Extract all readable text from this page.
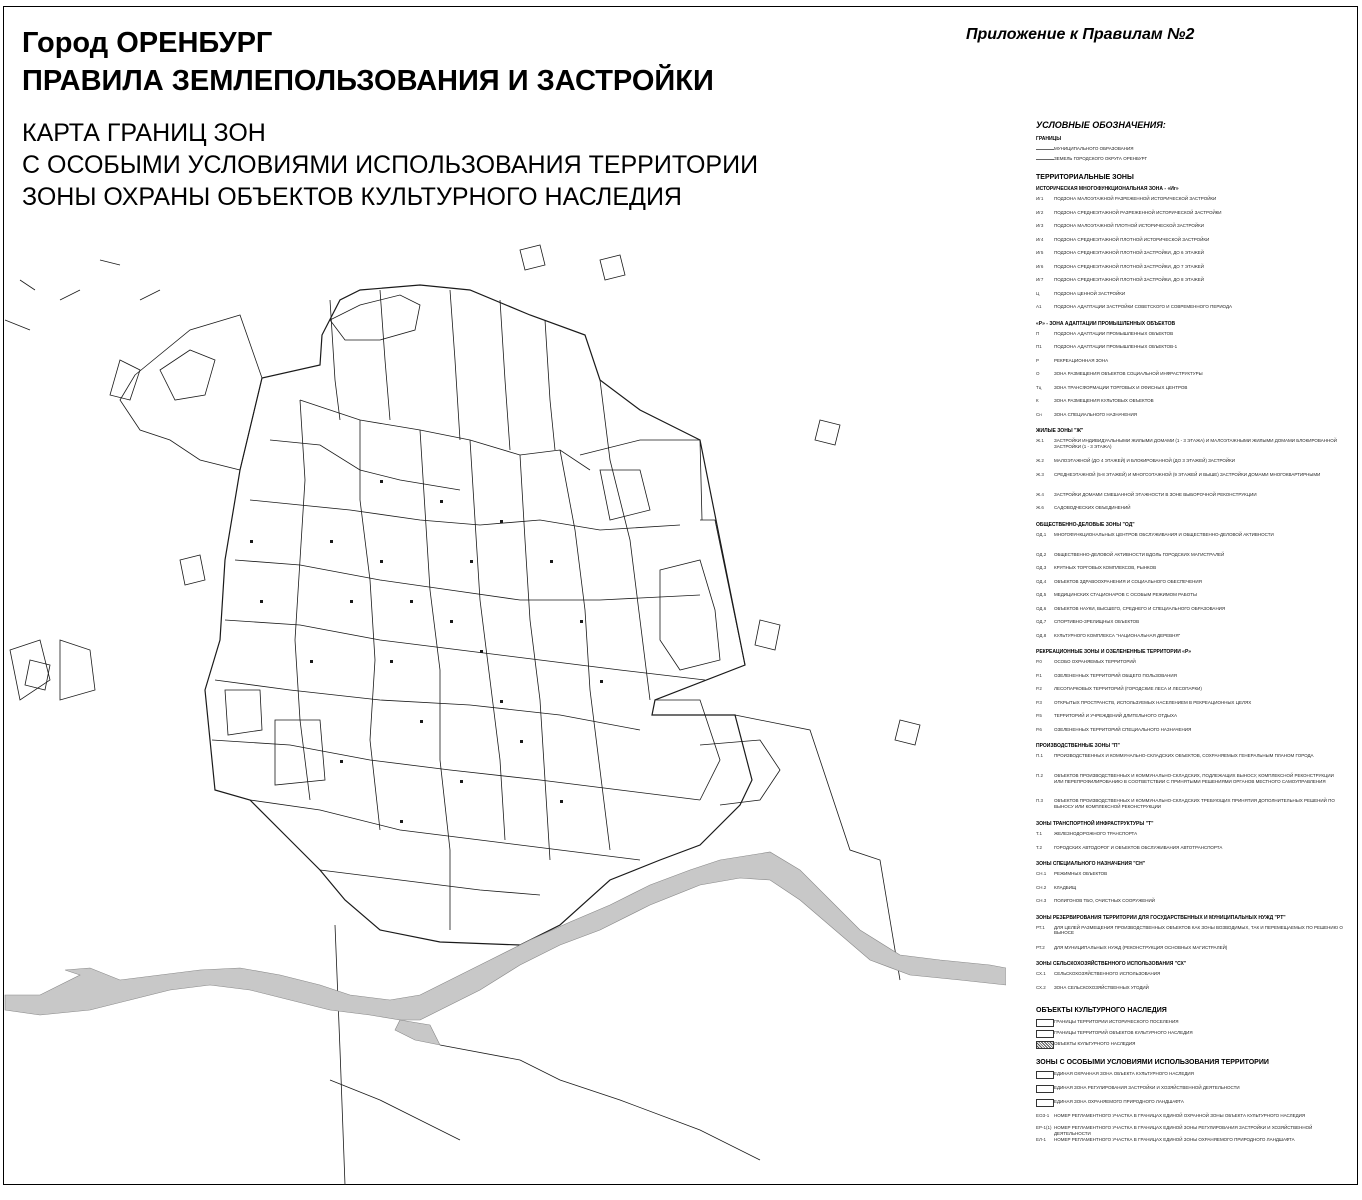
Город ОРЕНБУРГ
ПРАВИЛА ЗЕМЛЕПОЛЬЗОВАНИЯ И ЗАСТРОЙКИ
КАРТА ГРАНИЦ ЗОН
С ОСОБЫМИ УСЛОВИЯМИ ИСПОЛЬЗОВАНИЯ ТЕРРИТОРИИ
ЗОНЫ ОХРАНЫ ОБЪЕКТОВ КУЛЬТУРНОГО НАСЛЕДИЯ
Приложение к Правилам №2
УСЛОВНЫЕ ОБОЗНАЧЕНИЯ:
ГРАНИЦЫ
МУНИЦИПАЛЬНОГО ОБРАЗОВАНИЯ
ЗЕМЕЛЬ ГОРОДСКОГО ОКРУГА ОРЕНБУРГ
ТЕРРИТОРИАЛЬНЫЕ ЗОНЫ
ИСТОРИЧЕСКАЯ МНОГОФУНКЦИОНАЛЬНАЯ ЗОНА - «Иг»
Иг1	ПОДЗОНА МАЛОЭТАЖНОЙ РАЗРЕЖЕННОЙ ИСТОРИЧЕСКОЙ ЗАСТРОЙКИ
Иг2	ПОДЗОНА СРЕДНЕЭТАЖНОЙ РАЗРЕЖЕННОЙ ИСТОРИЧЕСКОЙ ЗАСТРОЙКИ
Иг3	ПОДЗОНА МАЛОЭТАЖНОЙ ПЛОТНОЙ ИСТОРИЧЕСКОЙ ЗАСТРОЙКИ
Иг4	ПОДЗОНА СРЕДНЕЭТАЖНОЙ ПЛОТНОЙ ИСТОРИЧЕСКОЙ ЗАСТРОЙКИ
Иг5	ПОДЗОНА СРЕДНЕЭТАЖНОЙ ПЛОТНОЙ ЗАСТРОЙКИ, ДО 6 ЭТАЖЕЙ
Иг6	ПОДЗОНА СРЕДНЕЭТАЖНОЙ ПЛОТНОЙ ЗАСТРОЙКИ, ДО 7 ЭТАЖЕЙ
Иг7	ПОДЗОНА СРЕДНЕЭТАЖНОЙ ПЛОТНОЙ ЗАСТРОЙКИ, ДО 8 ЭТАЖЕЙ
Ц	ПОДЗОНА ЦЕННОЙ ЗАСТРОЙКИ
А1	ПОДЗОНА АДАПТАЦИИ ЗАСТРОЙКИ СОВЕТСКОГО И СОВРЕМЕННОГО ПЕРИОДА
«Р» - ЗОНА АДАПТАЦИИ ПРОМЫШЛЕННЫХ ОБЪЕКТОВ
П	ПОДЗОНА АДАПТАЦИИ ПРОМЫШЛЕННЫХ ОБЪЕКТОВ
П1	ПОДЗОНА АДАПТАЦИИ ПРОМЫШЛЕННЫХ ОБЪЕКТОВ-1
Р	РЕКРЕАЦИОННАЯ ЗОНА
О	ЗОНА РАЗМЕЩЕНИЯ ОБЪЕКТОВ СОЦИАЛЬНОЙ ИНФРАСТРУКТУРЫ
Тц	ЗОНА ТРАНСФОРМАЦИИ ТОРГОВЫХ И ОФИСНЫХ ЦЕНТРОВ
К	ЗОНА РАЗМЕЩЕНИЯ КУЛЬТОВЫХ ОБЪЕКТОВ
Сн	ЗОНА СПЕЦИАЛЬНОГО НАЗНАЧЕНИЯ
ЖИЛЫЕ ЗОНЫ "Ж"
Ж.1	ЗАСТРОЙКИ ИНДИВИДУАЛЬНЫМИ ЖИЛЫМИ ДОМАМИ (1 - 3 ЭТАЖА) И МАЛОЭТАЖНЫМИ ЖИЛЫМИ ДОМАМИ БЛОКИРОВАННОЙ ЗАСТРОЙКИ (1 - 3 ЭТАЖА)
Ж.2	МАЛОЭТАЖНОЙ (ДО 4 ЭТАЖЕЙ) И БЛОКИРОВАННОЙ (ДО 3 ЭТАЖЕЙ) ЗАСТРОЙКИ
Ж.3	СРЕДНЕЭТАЖНОЙ (5-8 ЭТАЖЕЙ) И МНОГОЭТАЖНОЙ (9 ЭТАЖЕЙ И ВЫШЕ) ЗАСТРОЙКИ ДОМАМИ МНОГОКВАРТИРНЫМИ
Ж.4	ЗАСТРОЙКИ ДОМАМИ СМЕШАННОЙ ЭТАЖНОСТИ В ЗОНЕ ВЫБОРОЧНОЙ РЕКОНСТРУКЦИИ
Ж.6	САДОВОДЧЕСКИХ ОБЪЕДИНЕНИЙ
ОБЩЕСТВЕННО-ДЕЛОВЫЕ ЗОНЫ "ОД"
ОД.1	МНОГОФУНКЦИОНАЛЬНЫХ ЦЕНТРОВ ОБСЛУЖИВАНИЯ И ОБЩЕСТВЕННО-ДЕЛОВОЙ АКТИВНОСТИ
ОД.2	ОБЩЕСТВЕННО-ДЕЛОВОЙ АКТИВНОСТИ ВДОЛЬ ГОРОДСКИХ МАГИСТРАЛЕЙ
ОД.3	КРУПНЫХ ТОРГОВЫХ КОМПЛЕКСОВ, РЫНКОВ
ОД.4	ОБЪЕКТОВ ЗДРАВООХРАНЕНИЯ И СОЦИАЛЬНОГО ОБЕСПЕЧЕНИЯ
ОД.5	МЕДИЦИНСКИХ СТАЦИОНАРОВ С ОСОБЫМ РЕЖИМОМ РАБОТЫ
ОД.6	ОБЪЕКТОВ НАУКИ, ВЫСШЕГО, СРЕДНЕГО И СПЕЦИАЛЬНОГО ОБРАЗОВАНИЯ
ОД.7	СПОРТИВНО-ЗРЕЛИЩНЫХ ОБЪЕКТОВ
ОД.8	КУЛЬТУРНОГО КОМПЛЕКСА "НАЦИОНАЛЬНАЯ ДЕРЕВНЯ"
РЕКРЕАЦИОННЫЕ ЗОНЫ И ОЗЕЛЕНЕННЫЕ ТЕРРИТОРИИ «Р»
Р.0	ОСОБО ОХРАНЯЕМЫХ ТЕРРИТОРИЙ
Р.1	ОЗЕЛЕНЕННЫХ ТЕРРИТОРИЙ ОБЩЕГО ПОЛЬЗОВАНИЯ
Р.2	ЛЕСОПАРКОВЫХ ТЕРРИТОРИЙ (ГОРОДСКИЕ ЛЕСА И ЛЕСОПАРКИ)
Р.3	ОТКРЫТЫХ ПРОСТРАНСТВ, ИСПОЛЬЗУЕМЫХ НАСЕЛЕНИЕМ В РЕКРЕАЦИОННЫХ ЦЕЛЯХ
Р.5	ТЕРРИТОРИЙ И УЧРЕЖДЕНИЙ ДЛИТЕЛЬНОГО ОТДЫХА
Р.6	ОЗЕЛЕНЕННЫХ ТЕРРИТОРИЙ СПЕЦИАЛЬНОГО НАЗНАЧЕНИЯ
ПРОИЗВОДСТВЕННЫЕ ЗОНЫ "П"
П.1	ПРОИЗВОДСТВЕННЫХ И КОММУНАЛЬНО-СКЛАДСКИХ ОБЪЕКТОВ, СОХРАНЯЕМЫХ ГЕНЕРАЛЬНЫМ ПЛАНОМ ГОРОДА
П.2	ОБЪЕКТОВ ПРОИЗВОДСТВЕННЫХ И КОММУНАЛЬНО-СКЛАДСКИХ, ПОДЛЕЖАЩИХ ВЫНОСУ, КОМПЛЕКСНОЙ РЕКОНСТРУКЦИИ ИЛИ ПЕРЕПРОФИЛИРОВАНИЮ В СООТВЕТСТВИИ С ПРИНЯТЫМИ РЕШЕНИЯМИ ОРГАНОВ МЕСТНОГО САМОУПРАВЛЕНИЯ
П.3	ОБЪЕКТОВ ПРОИЗВОДСТВЕННЫХ И КОММУНАЛЬНО-СКЛАДСКИХ ТРЕБУЮЩИХ ПРИНЯТИЯ ДОПОЛНИТЕЛЬНЫХ РЕШЕНИЙ ПО ВЫНОСУ ИЛИ КОМПЛЕКСНОЙ РЕКОНСТРУКЦИИ
ЗОНЫ ТРАНСПОРТНОЙ ИНФРАСТРУКТУРЫ "Т"
Т.1	ЖЕЛЕЗНОДОРОЖНОГО ТРАНСПОРТА
Т.2	ГОРОДСКИХ АВТОДОРОГ И ОБЪЕКТОВ ОБСЛУЖИВАНИЯ АВТОТРАНСПОРТА
ЗОНЫ СПЕЦИАЛЬНОГО НАЗНАЧЕНИЯ "СН"
СН.1	РЕЖИМНЫХ ОБЪЕКТОВ
СН.2	КЛАДБИЩ
СН.3	ПОЛИГОНОВ ТБО, ОЧИСТНЫХ СООРУЖЕНИЙ
ЗОНЫ РЕЗЕРВИРОВАНИЯ ТЕРРИТОРИИ ДЛЯ ГОСУДАРСТВЕННЫХ И МУНИЦИПАЛЬНЫХ НУЖД "РТ"
РТ.1	ДЛЯ ЦЕЛЕЙ РАЗМЕЩЕНИЯ ПРОИЗВОДСТВЕННЫХ ОБЪЕКТОВ КАК ЗОНЫ ВОЗВОДИМЫХ, ТАК И ПЕРЕМЕЩАЕМЫХ ПО РЕШЕНИЮ О ВЫНОСЕ
РТ.2	ДЛЯ МУНИЦИПАЛЬНЫХ НУЖД (РЕКОНСТРУКЦИЯ ОСНОВНЫХ МАГИСТРАЛЕЙ)
ЗОНЫ СЕЛЬСКОХОЗЯЙСТВЕННОГО ИСПОЛЬЗОВАНИЯ "СХ"
СХ.1	СЕЛЬСКОХОЗЯЙСТВЕННОГО ИСПОЛЬЗОВАНИЯ
СХ.2	ЗОНА СЕЛЬСКОХОЗЯЙСТВЕННЫХ УГОДИЙ
ОБЪЕКТЫ КУЛЬТУРНОГО НАСЛЕДИЯ
ГРАНИЦЫ ТЕРРИТОРИИ ИСТОРИЧЕСКОГО ПОСЕЛЕНИЯ
ГРАНИЦЫ ТЕРРИТОРИЙ ОБЪЕКТОВ КУЛЬТУРНОГО НАСЛЕДИЯ
ОБЪЕКТЫ КУЛЬТУРНОГО НАСЛЕДИЯ
ЗОНЫ С ОСОБЫМИ УСЛОВИЯМИ ИСПОЛЬЗОВАНИЯ ТЕРРИТОРИИ
ЕДИНАЯ ОХРАННАЯ ЗОНА ОБЪЕКТА КУЛЬТУРНОГО НАСЛЕДИЯ
ЕДИНАЯ ЗОНА РЕГУЛИРОВАНИЯ ЗАСТРОЙКИ И ХОЗЯЙСТВЕННОЙ ДЕЯТЕЛЬНОСТИ
ЕДИНАЯ ЗОНА ОХРАНЯЕМОГО ПРИРОДНОГО ЛАНДШАФТА
ЕОЗ-1	НОМЕР РЕГЛАМЕНТНОГО УЧАСТКА В ГРАНИЦАХ ЕДИНОЙ ОХРАННОЙ ЗОНЫ ОБЪЕКТА КУЛЬТУРНОГО НАСЛЕДИЯ
ЕР-1(1) НОМЕР РЕГЛАМЕНТНОГО УЧАСТКА В ГРАНИЦАХ ЕДИНОЙ ЗОНЫ РЕГУЛИРОВАНИЯ ЗАСТРОЙКИ И ХОЗЯЙСТВЕННОЙ ДЕЯТЕЛЬНОСТИ
ЕЛ-1	НОМЕР РЕГЛАМЕНТНОГО УЧАСТКА В ГРАНИЦАХ ЕДИНОЙ ЗОНЫ ОХРАНЯЕМОГО ПРИРОДНОГО ЛАНДШАФТА
